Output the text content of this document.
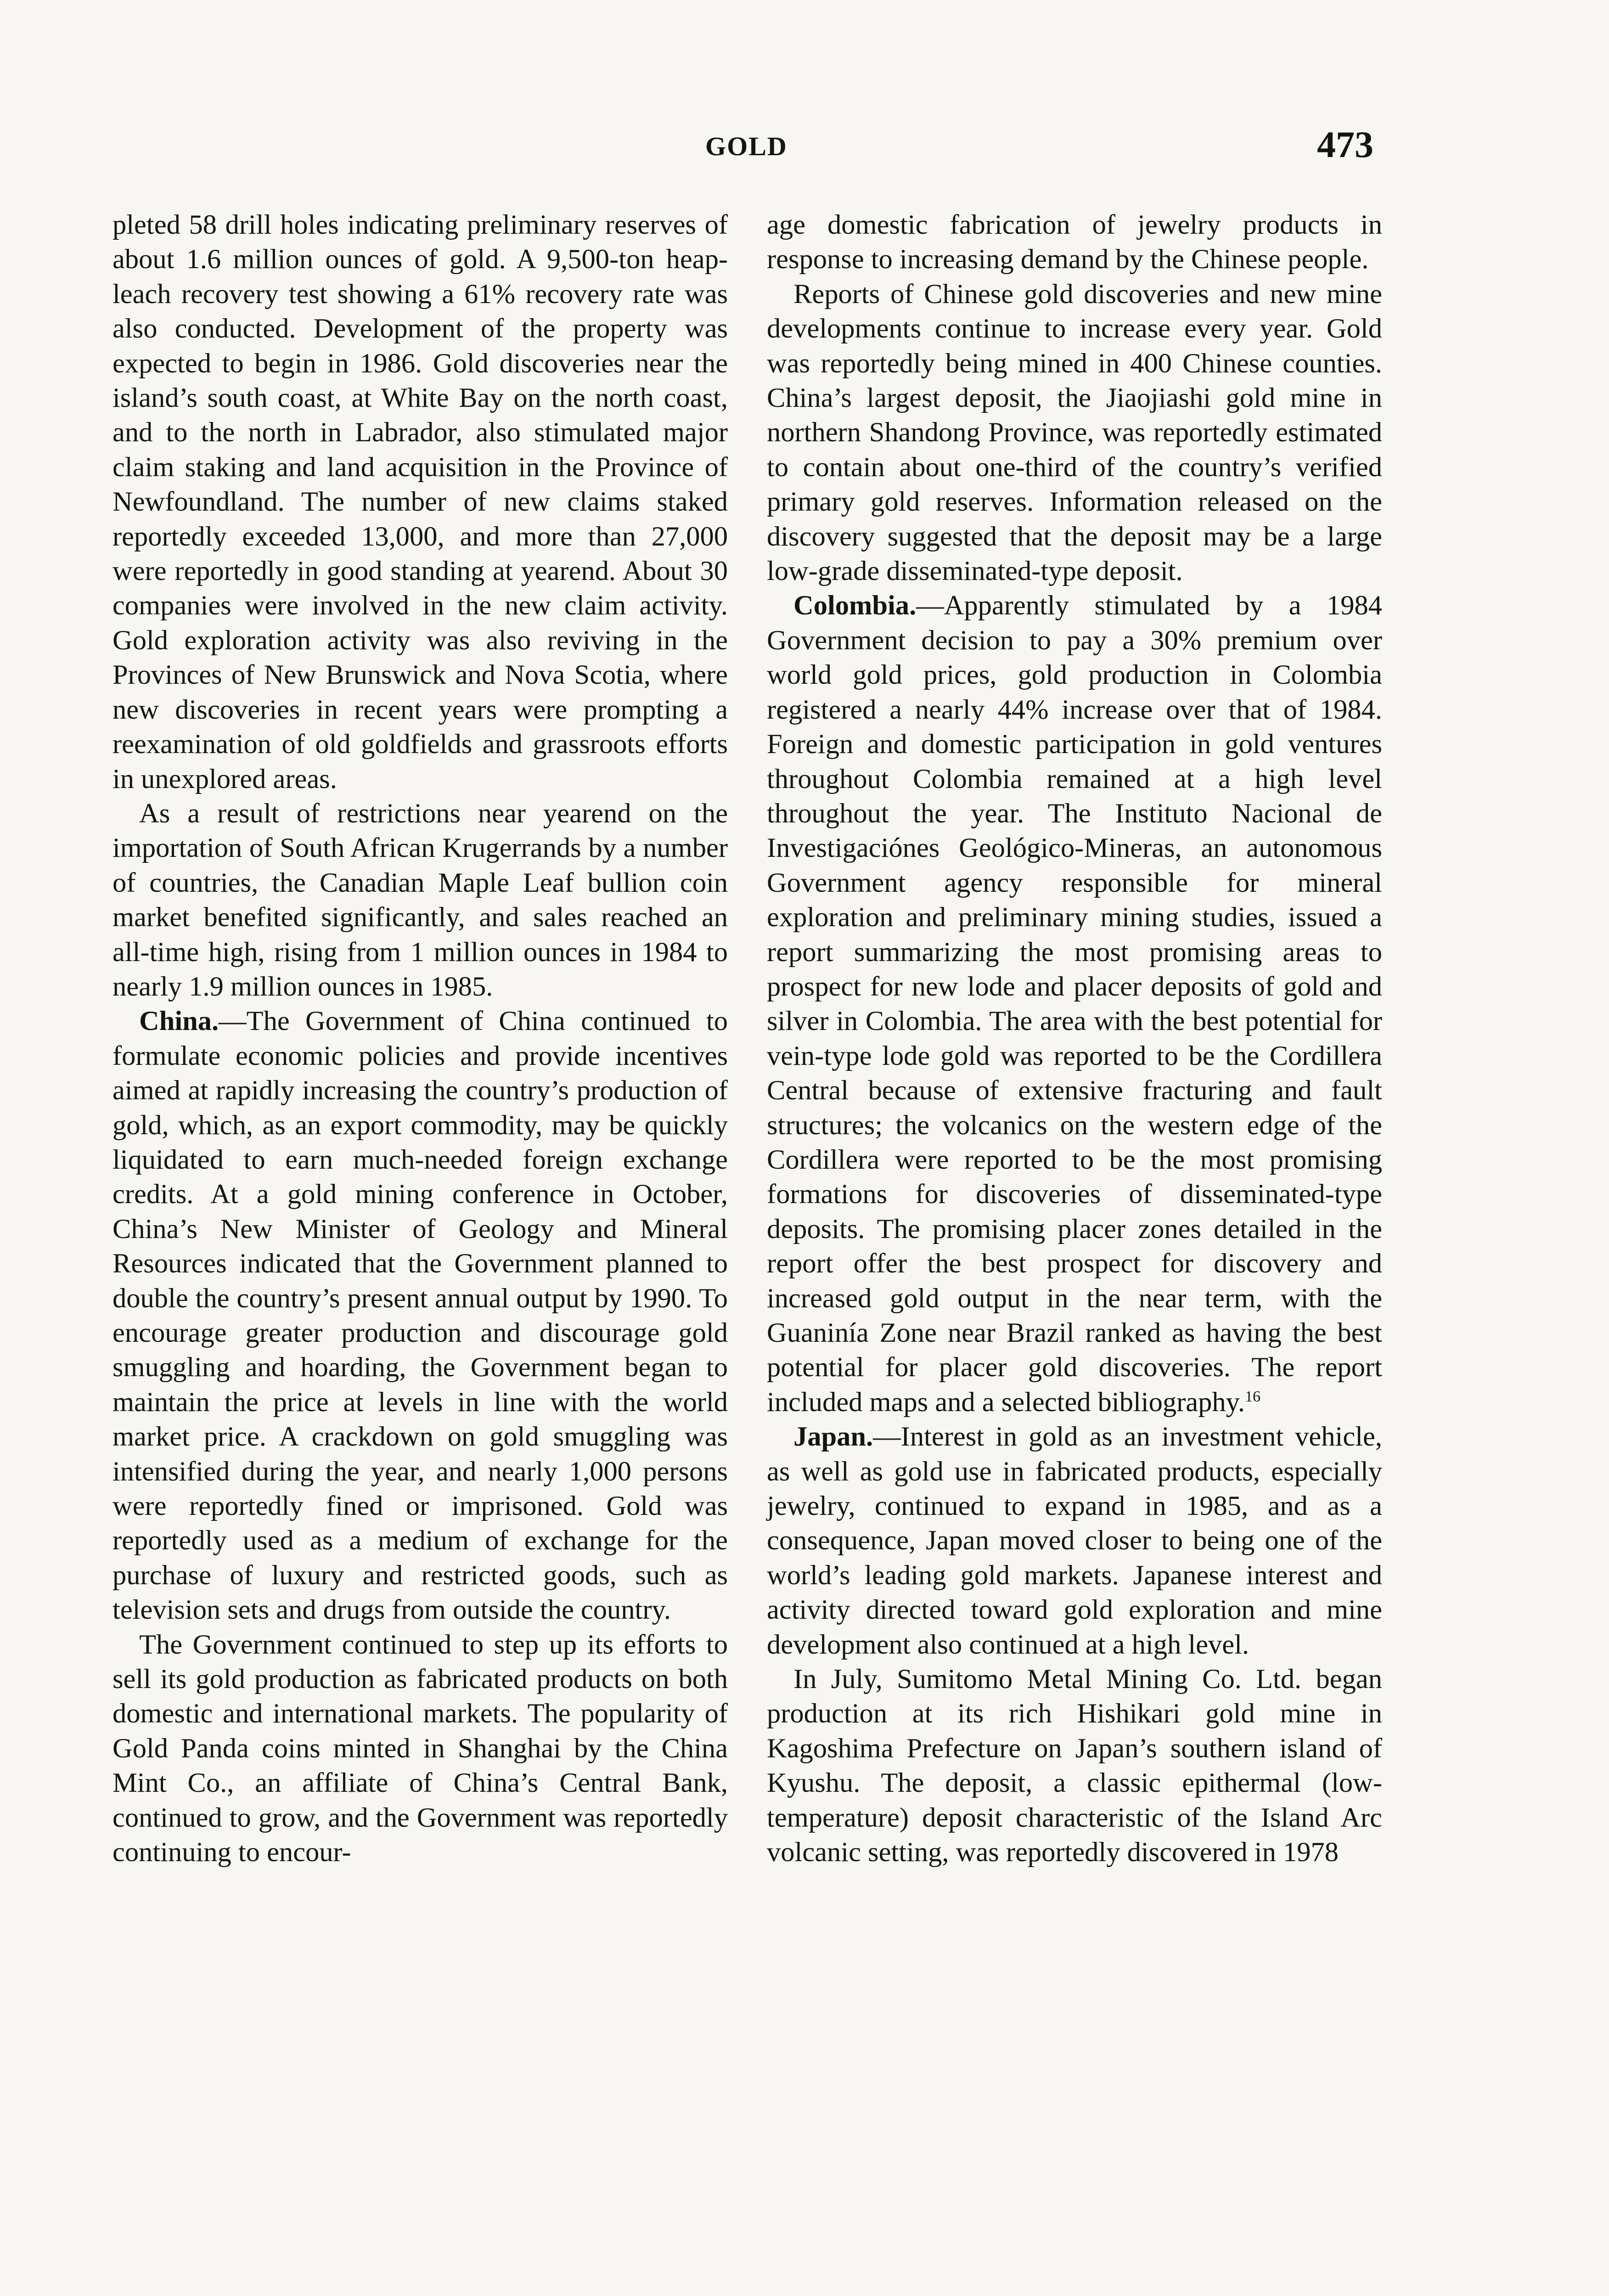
GOLD	473

pleted 58 drill holes indicating preliminary reserves of about 1.6 million ounces of gold. A 9,500-ton heap-leach recovery test showing a 61% recovery rate was also conducted. Development of the property was expected to begin in 1986. Gold discoveries near the island’s south coast, at White Bay on the north coast, and to the north in Labrador, also stimulated major claim staking and land acquisition in the Province of Newfoundland. The number of new claims staked reportedly exceeded 13,000, and more than 27,000 were reportedly in good standing at yearend. About 30 companies were involved in the new claim activity. Gold exploration activity was also reviving in the Provinces of New Brunswick and Nova Scotia, where new discoveries in recent years were prompting a reexamination of old goldfields and grassroots efforts in unexplored areas.

As a result of restrictions near yearend on the importation of South African Krugerrands by a number of countries, the Canadian Maple Leaf bullion coin market benefited significantly, and sales reached an all-time high, rising from 1 million ounces in 1984 to nearly 1.9 million ounces in 1985.

China.—The Government of China continued to formulate economic policies and provide incentives aimed at rapidly increasing the country’s production of gold, which, as an export commodity, may be quickly liquidated to earn much-needed foreign exchange credits. At a gold mining conference in October, China’s New Minister of Geology and Mineral Resources indicated that the Government planned to double the country’s present annual output by 1990. To encourage greater production and discourage gold smuggling and hoarding, the Government began to maintain the price at levels in line with the world market price. A crackdown on gold smuggling was intensified during the year, and nearly 1,000 persons were reportedly fined or imprisoned. Gold was reportedly used as a medium of exchange for the purchase of luxury and restricted goods, such as television sets and drugs from outside the country.

The Government continued to step up its efforts to sell its gold production as fabricated products on both domestic and international markets. The popularity of Gold Panda coins minted in Shanghai by the China Mint Co., an affiliate of China’s Central Bank, continued to grow, and the Government was reportedly continuing to encour-

age domestic fabrication of jewelry products in response to increasing demand by the Chinese people.

Reports of Chinese gold discoveries and new mine developments continue to increase every year. Gold was reportedly being mined in 400 Chinese counties. China’s largest deposit, the Jiaojiashi gold mine in northern Shandong Province, was reportedly estimated to contain about one-third of the country’s verified primary gold reserves. Information released on the discovery suggested that the deposit may be a large low-grade disseminated-type deposit.

Colombia.—Apparently stimulated by a 1984 Government decision to pay a 30% premium over world gold prices, gold production in Colombia registered a nearly 44% increase over that of 1984. Foreign and domestic participation in gold ventures throughout Colombia remained at a high level throughout the year. The Instituto Nacional de Investigaciónes Geológico-Mineras, an autonomous Government agency responsible for mineral exploration and preliminary mining studies, issued a report summarizing the most promising areas to prospect for new lode and placer deposits of gold and silver in Colombia. The area with the best potential for vein-type lode gold was reported to be the Cordillera Central because of extensive fracturing and fault structures; the volcanics on the western edge of the Cordillera were reported to be the most promising formations for discoveries of disseminated-type deposits. The promising placer zones detailed in the report offer the best prospect for discovery and increased gold output in the near term, with the Guaninía Zone near Brazil ranked as having the best potential for placer gold discoveries. The report included maps and a selected bibliography.$^{16}$

Japan.—Interest in gold as an investment vehicle, as well as gold use in fabricated products, especially jewelry, continued to expand in 1985, and as a consequence, Japan moved closer to being one of the world’s leading gold markets. Japanese interest and activity directed toward gold exploration and mine development also continued at a high level.

In July, Sumitomo Metal Mining Co. Ltd. began production at its rich Hishikari gold mine in Kagoshima Prefecture on Japan’s southern island of Kyushu. The deposit, a classic epithermal (low-temperature) deposit characteristic of the Island Arc volcanic setting, was reportedly discovered in 1978
